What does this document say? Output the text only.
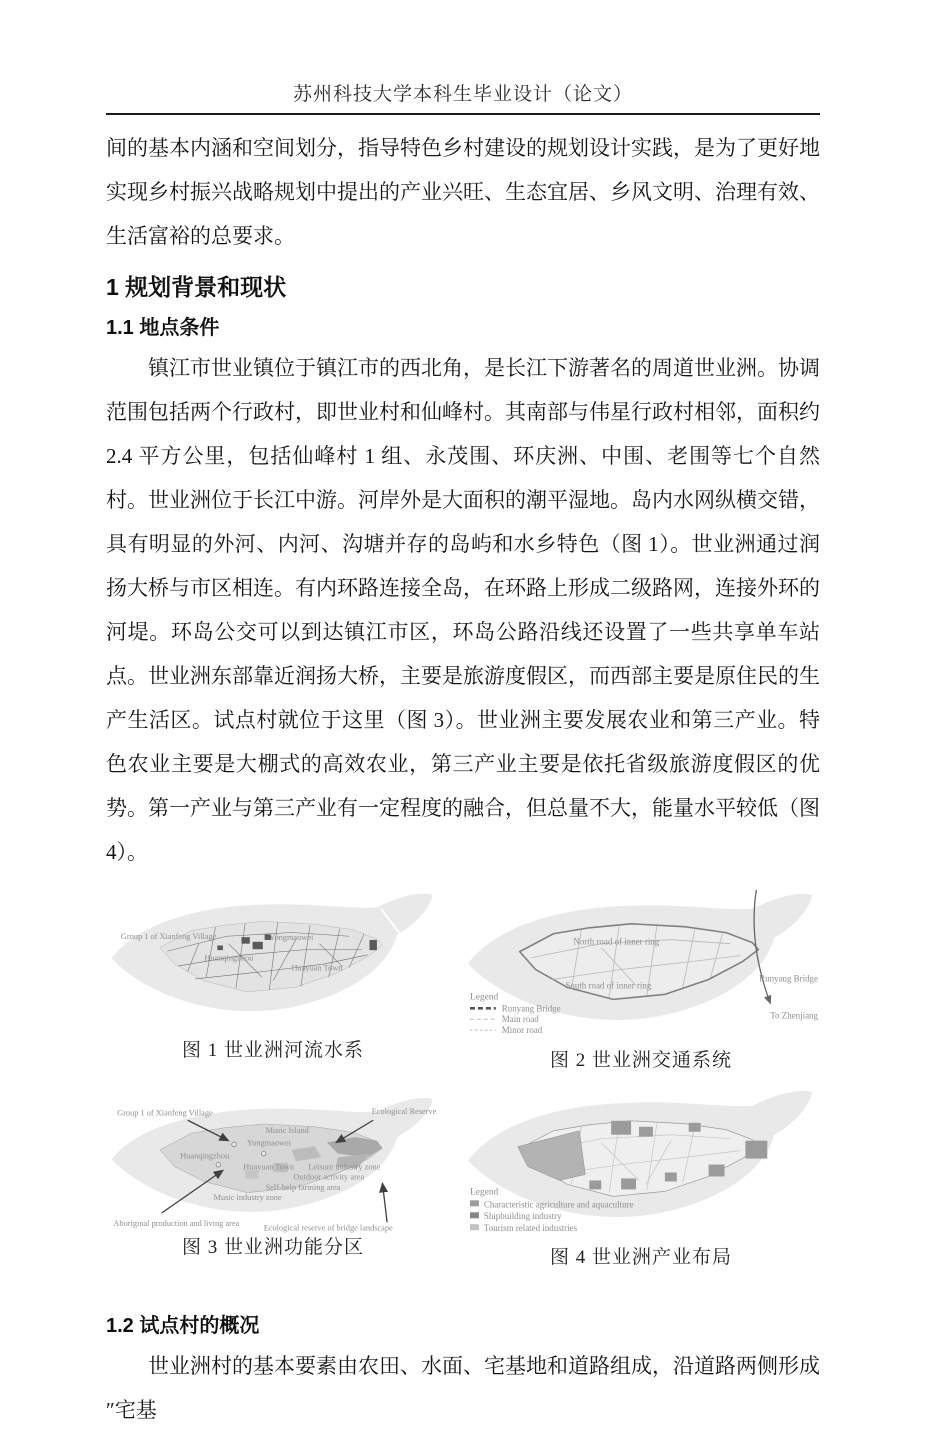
苏州科技大学本科生毕业设计（论文）

间的基本内涵和空间划分，指导特色乡村建设的规划设计实践，是为了更好地实现乡村振兴战略规划中提出的产业兴旺、生态宜居、乡风文明、治理有效、生活富裕的总要求。

1 规划背景和现状
1.1 地点条件

镇江市世业镇位于镇江市的西北角，是长江下游著名的周道世业洲。协调范围包括两个行政村，即世业村和仙峰村。其南部与伟星行政村相邻，面积约 2.4 平方公里，包括仙峰村 1 组、永茂围、环庆洲、中围、老围等七个自然村。世业洲位于长江中游。河岸外是大面积的潮平湿地。岛内水网纵横交错，具有明显的外河、内河、沟塘并存的岛屿和水乡特色（图 1）。世业洲通过润扬大桥与市区相连。有内环路连接全岛，在环路上形成二级路网，连接外环的河堤。环岛公交可以到达镇江市区，环岛公路沿线还设置了一些共享单车站点。世业洲东部靠近润扬大桥，主要是旅游度假区，而西部主要是原住民的生产生活区。试点村就位于这里（图 3）。世业洲主要发展农业和第三产业。特色农业主要是大棚式的高效农业，第三产业主要是依托省级旅游度假区的优势。第一产业与第三产业有一定程度的融合，但总量不大，能量水平较低（图 4）。

Group 1 of Xianfeng Village	Yongmaowei
Huanqingzhou
Huayuan Town
图 1 世业洲河流水系
North road of inner ring
South road of inner ring
Runyang Bridge
To Zhenjiang
Legend
Runyang Bridge
Main road
Minor road
图 2 世业洲交通系统
Group 1 of Xianfeng Village	Ecological Reserve
Music Island
Yongmaowei
Huanqingzhou
Huayuan Town Leisure industry zone
Outdoor activity area
Self-help farming area
Music industry zone
Aboriginal production and living area
Ecological reserve of bridge landscape
图 3 世业洲功能分区
Legend
Characteristic agriculture and aquaculture
Shipbuilding industry
Tourism related industries
图 4 世业洲产业布局
1.2 试点村的概况

世业洲村的基本要素由农田、水面、宅基地和道路组成，沿道路两侧形成 ″宅基
